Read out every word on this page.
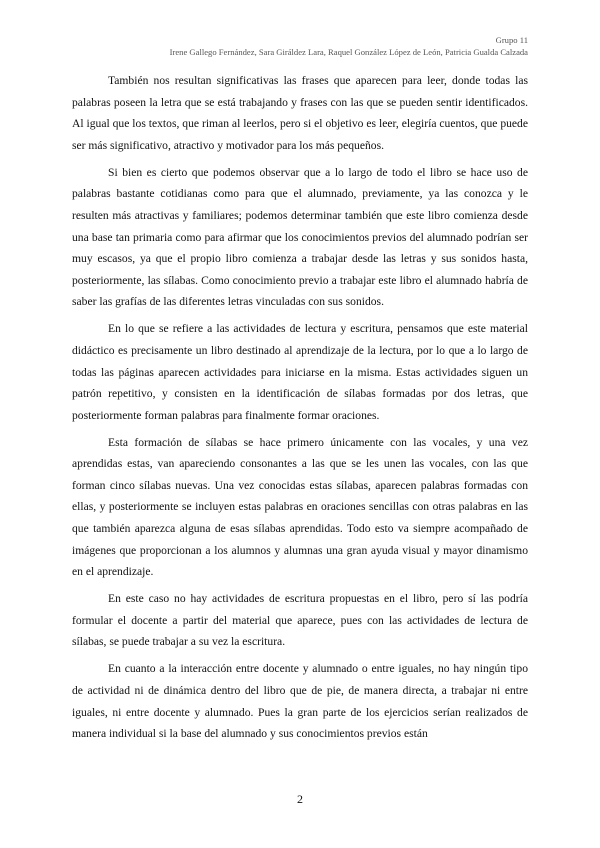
Grupo 11
Irene Gallego Fernández, Sara Giráldez Lara, Raquel González López de León, Patricia Gualda Calzada

También nos resultan significativas las frases que aparecen para leer, donde todas las palabras poseen la letra que se está trabajando y frases con las que se pueden sentir identificados. Al igual que los textos, que riman al leerlos, pero si el objetivo es leer, elegiría cuentos, que puede ser más significativo, atractivo y motivador para los más pequeños.

Si bien es cierto que podemos observar que a lo largo de todo el libro se hace uso de palabras bastante cotidianas como para que el alumnado, previamente, ya las conozca y le resulten más atractivas y familiares; podemos determinar también que este libro comienza desde una base tan primaria como para afirmar que los conocimientos previos del alumnado podrían ser muy escasos, ya que el propio libro comienza a trabajar desde las letras y sus sonidos hasta, posteriormente, las sílabas. Como conocimiento previo a trabajar este libro el alumnado habría de saber las grafías de las diferentes letras vinculadas con sus sonidos.

En lo que se refiere a las actividades de lectura y escritura, pensamos que este material didáctico es precisamente un libro destinado al aprendizaje de la lectura, por lo que a lo largo de todas las páginas aparecen actividades para iniciarse en la misma. Estas actividades siguen un patrón repetitivo, y consisten en la identificación de sílabas formadas por dos letras, que posteriormente forman palabras para finalmente formar oraciones.

Esta formación de sílabas se hace primero únicamente con las vocales, y una vez aprendidas estas, van apareciendo consonantes a las que se les unen las vocales, con las que forman cinco sílabas nuevas. Una vez conocidas estas sílabas, aparecen palabras formadas con ellas, y posteriormente se incluyen estas palabras en oraciones sencillas con otras palabras en las que también aparezca alguna de esas sílabas aprendidas. Todo esto va siempre acompañado de imágenes que proporcionan a los alumnos y alumnas una gran ayuda visual y mayor dinamismo en el aprendizaje.

En este caso no hay actividades de escritura propuestas en el libro, pero sí las podría formular el docente a partir del material que aparece, pues con las actividades de lectura de sílabas, se puede trabajar a su vez la escritura.

En cuanto a la interacción entre docente y alumnado o entre iguales, no hay ningún tipo de actividad ni de dinámica dentro del libro que de pie, de manera directa, a trabajar ni entre iguales, ni entre docente y alumnado. Pues la gran parte de los ejercicios serían realizados de manera individual si la base del alumnado y sus conocimientos previos están

2
